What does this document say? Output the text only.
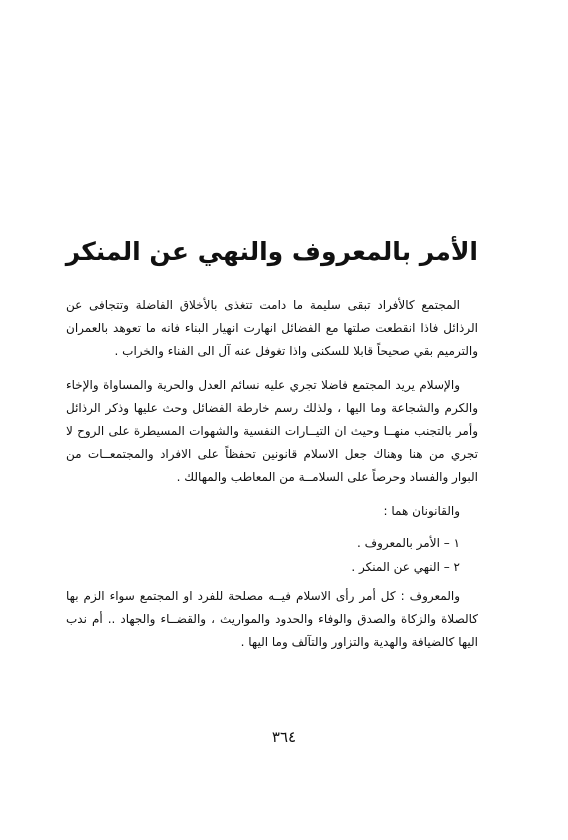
الأمر بالمعروف والنهي عن المنكر

المجتمع كالأفراد تبقى سليمة ما دامت تتغذى بالأخلاق الفاضلة وتتجافى عن الرذائل فاذا انقطعت صلتها مع الفضائل انهارت انهيار البناء فانه ما تعوهد بالعمران والترميم بقي صحيحاً قابلا للسكنى واذا تغوفل عنه آل الى الفناء والخراب .

والإسلام يريد المجتمع فاضلا تجري عليه نسائم العدل والحرية والمساواة والإخاء والكرم والشجاعة وما اليها ، ولذلك رسم خارطة الفضائل وحث عليها وذكر الرذائل وأمر بالتجنب منهــا وحيث ان التيــارات النفسية والشهوات المسيطرة على الروح لا تجري من هنا وهناك جعل الاسلام قانونين تحفظاً على الافراد والمجتمعــات من البوار والفساد وحرصاً على السلامــة من المعاطب والمهالك .

والقانونان هما :

١ – الأمر بالمعروف .
٢ – النهي عن المنكر .

والمعروف : كل أمر رأى الاسلام فيــه مصلحة للفرد او المجتمع سواء الزم بها كالصلاة والزكاة والصدق والوفاء والحدود والمواريث ، والقضــاء والجهاد .. أم ندب اليها كالضيافة والهدية والتزاور والتآلف وما اليها .

٣٦٤
